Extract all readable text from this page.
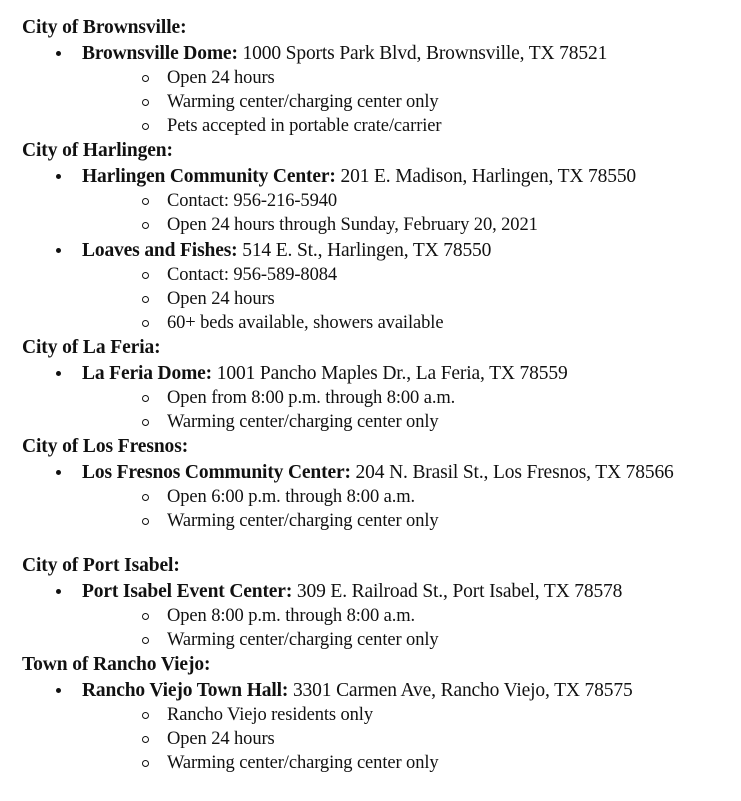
City of Brownsville:
Brownsville Dome: 1000 Sports Park Blvd, Brownsville, TX 78521
Open 24 hours
Warming center/charging center only
Pets accepted in portable crate/carrier
City of Harlingen:
Harlingen Community Center: 201 E. Madison, Harlingen, TX 78550
Contact: 956-216-5940
Open 24 hours through Sunday, February 20, 2021
Loaves and Fishes: 514 E. St., Harlingen, TX 78550
Contact: 956-589-8084
Open 24 hours
60+ beds available, showers available
City of La Feria:
La Feria Dome: 1001 Pancho Maples Dr., La Feria, TX 78559
Open from 8:00 p.m. through 8:00 a.m.
Warming center/charging center only
City of Los Fresnos:
Los Fresnos Community Center: 204 N. Brasil St., Los Fresnos, TX 78566
Open 6:00 p.m. through 8:00 a.m.
Warming center/charging center only
City of Port Isabel:
Port Isabel Event Center: 309 E. Railroad St., Port Isabel, TX 78578
Open 8:00 p.m. through 8:00 a.m.
Warming center/charging center only
Town of Rancho Viejo:
Rancho Viejo Town Hall: 3301 Carmen Ave, Rancho Viejo, TX 78575
Rancho Viejo residents only
Open 24 hours
Warming center/charging center only
